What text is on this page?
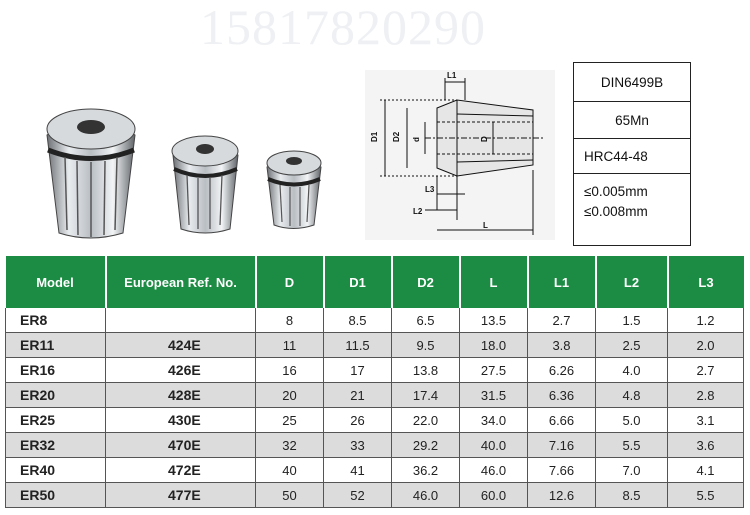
15817820290
L1
D1 D2 d	D
L3
L2
L
DIN6499B
65Mn
HRC44-48
≤0.005mm
≤0.008mm
Model	European Ref. No.	D	D1	D2	L	L1	L2	L3
ER8		8	8.5	6.5	13.5	2.7	1.5	1.2
ER11	424E	11	11.5	9.5	18.0	3.8	2.5	2.0
ER16	426E	16	17	13.8	27.5	6.26	4.0	2.7
ER20	428E	20	21	17.4	31.5	6.36	4.8	2.8
ER25	430E	25	26	22.0	34.0	6.66	5.0	3.1
ER32	470E	32	33	29.2	40.0	7.16	5.5	3.6
ER40	472E	40	41	36.2	46.0	7.66	7.0	4.1
ER50	477E	50	52	46.0	60.0	12.6	8.5	5.5
